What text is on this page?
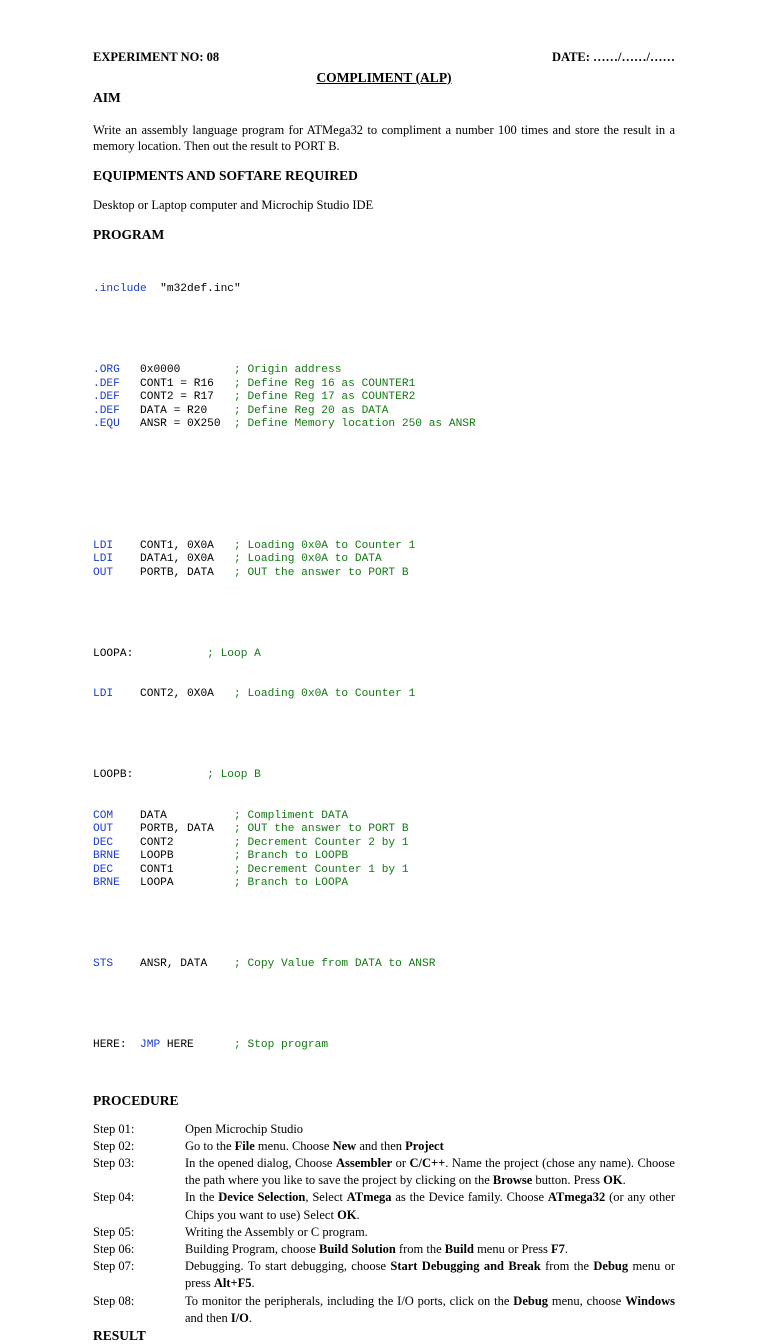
EXPERIMENT NO: 08	DATE: ……/……/……
COMPLIMENT (ALP)
AIM
Write an assembly language program for ATMega32 to compliment a number 100 times and store the result in a memory location. Then out the result to PORT B.
EQUIPMENTS AND SOFTARE REQUIRED
Desktop or Laptop computer and Microchip Studio IDE
PROGRAM

.include "m32def.inc"

.ORG 0x0000        ; Origin address
.DEF CONT1 = R16   ; Define Reg 16 as COUNTER1
.DEF CONT2 = R17   ; Define Reg 17 as COUNTER2
.DEF DATA = R20    ; Define Reg 20 as DATA
.EQU ANSR = 0X250  ; Define Memory location 250 as ANSR

LDI CONT1, 0X0A   ; Loading 0x0A to Counter 1
LDI DATA1, 0X0A   ; Loading 0x0A to DATA
OUT PORTB, DATA   ; OUT the answer to PORT B

LOOPA:	; Loop A

LDI CONT2, 0X0A   ; Loading 0x0A to Counter 1

LOOPB:	; Loop B

COM DATA          ; Compliment DATA
OUT PORTB, DATA   ; OUT the answer to PORT B
DEC CONT2         ; Decrement Counter 2 by 1
BRNE LOOPB         ; Branch to LOOPB
DEC CONT1         ; Decrement Counter 1 by 1
BRNE LOOPA         ; Branch to LOOPA

STS ANSR, DATA    ; Copy Value from DATA to ANSR

HERE: JMP HERE	; Stop program

PROCEDURE
Step 01:	Open Microchip Studio
Step 02:	Go to the File menu. Choose New and then Project
Step 03:	In the opened dialog, Choose Assembler or C/C++. Name the project (chose any name). Choose the path where you like to save the project by clicking on the Browse button. Press OK.
Step 04:	In the Device Selection, Select ATmega as the Device family. Choose ATmega32 (or any other Chips you want to use) Select OK.
Step 05:	Writing the Assembly or C program.
Step 06:	Building Program, choose Build Solution from the Build menu or Press F7.
Step 07:	Debugging. To start debugging, choose Start Debugging and Break from the Debug menu or press Alt+F5.
Step 08:	To monitor the peripherals, including the I/O ports, click on the Debug menu, choose Windows and then I/O.
RESULT
